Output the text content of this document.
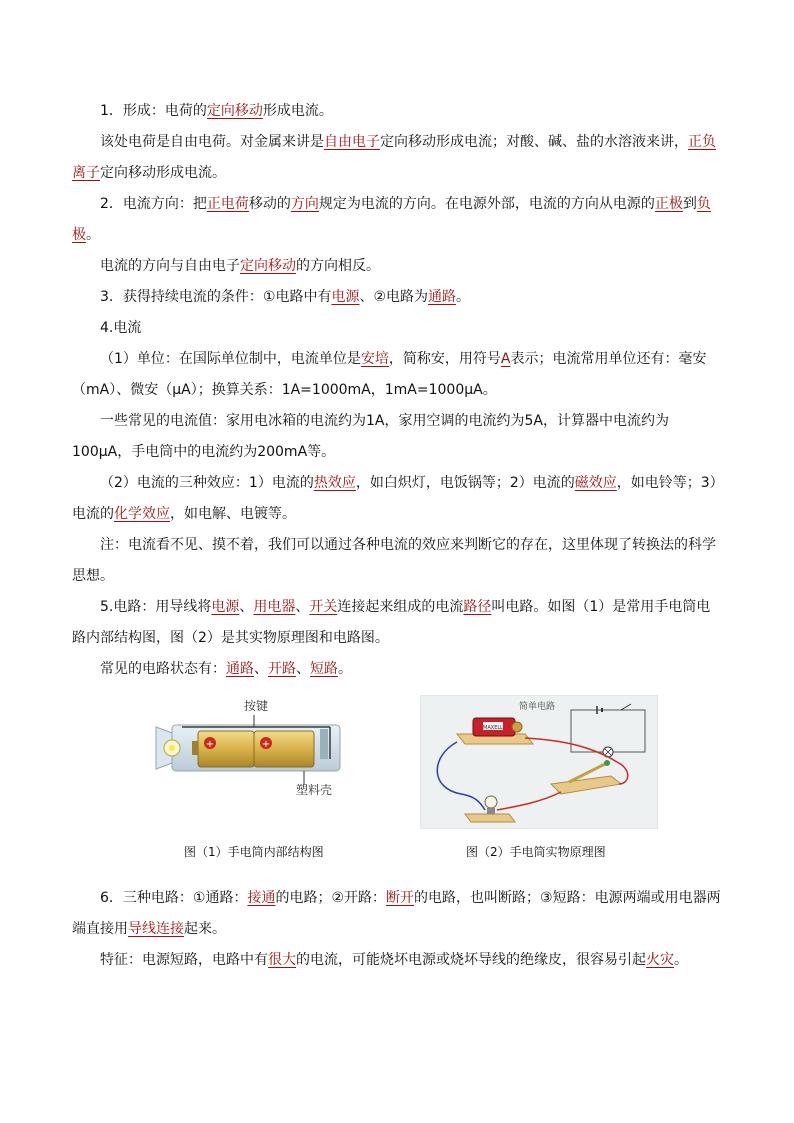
1．形成：电荷的定向移动形成电流。

该处电荷是自由电荷。对金属来讲是自由电子定向移动形成电流；对酸、碱、盐的水溶液来讲，正负离子定向移动形成电流。

2．电流方向：把正电荷移动的方向规定为电流的方向。在电源外部，电流的方向从电源的正极到负极。

电流的方向与自由电子定向移动的方向相反。

3．获得持续电流的条件：①电路中有电源、②电路为通路。

4.电流

（1）单位：在国际单位制中，电流单位是安培，简称安，用符号A表示；电流常用单位还有：毫安（mA）、微安（μA）；换算关系：1A=1000mA，1mA=1000μA。

一些常见的电流值：家用电冰箱的电流约为1A，家用空调的电流约为5A，计算器中电流约为100μA，手电筒中的电流约为200mA等。

（2）电流的三种效应：1）电流的热效应，如白炽灯，电饭锅等；2）电流的磁效应，如电铃等；3）电流的化学效应，如电解、电镀等。

注：电流看不见、摸不着，我们可以通过各种电流的效应来判断它的存在，这里体现了转换法的科学思想。

5.电路：用导线将电源、用电器、开关连接起来组成的电流路径叫电路。如图（1）是常用手电筒电路内部结构图，图（2）是其实物原理图和电路图。

常见的电路状态有：通路、开路、短路。

+	+
按键
塑料壳
简单电路
MAXELL
图（1）手电筒内部结构图	图（2）手电筒实物原理图

6．三种电路：①通路：接通的电路；②开路：断开的电路，也叫断路；③短路：电源两端或用电器两端直接用导线连接起来。

特征：电源短路，电路中有很大的电流，可能烧坏电源或烧坏导线的绝缘皮，很容易引起火灾。
